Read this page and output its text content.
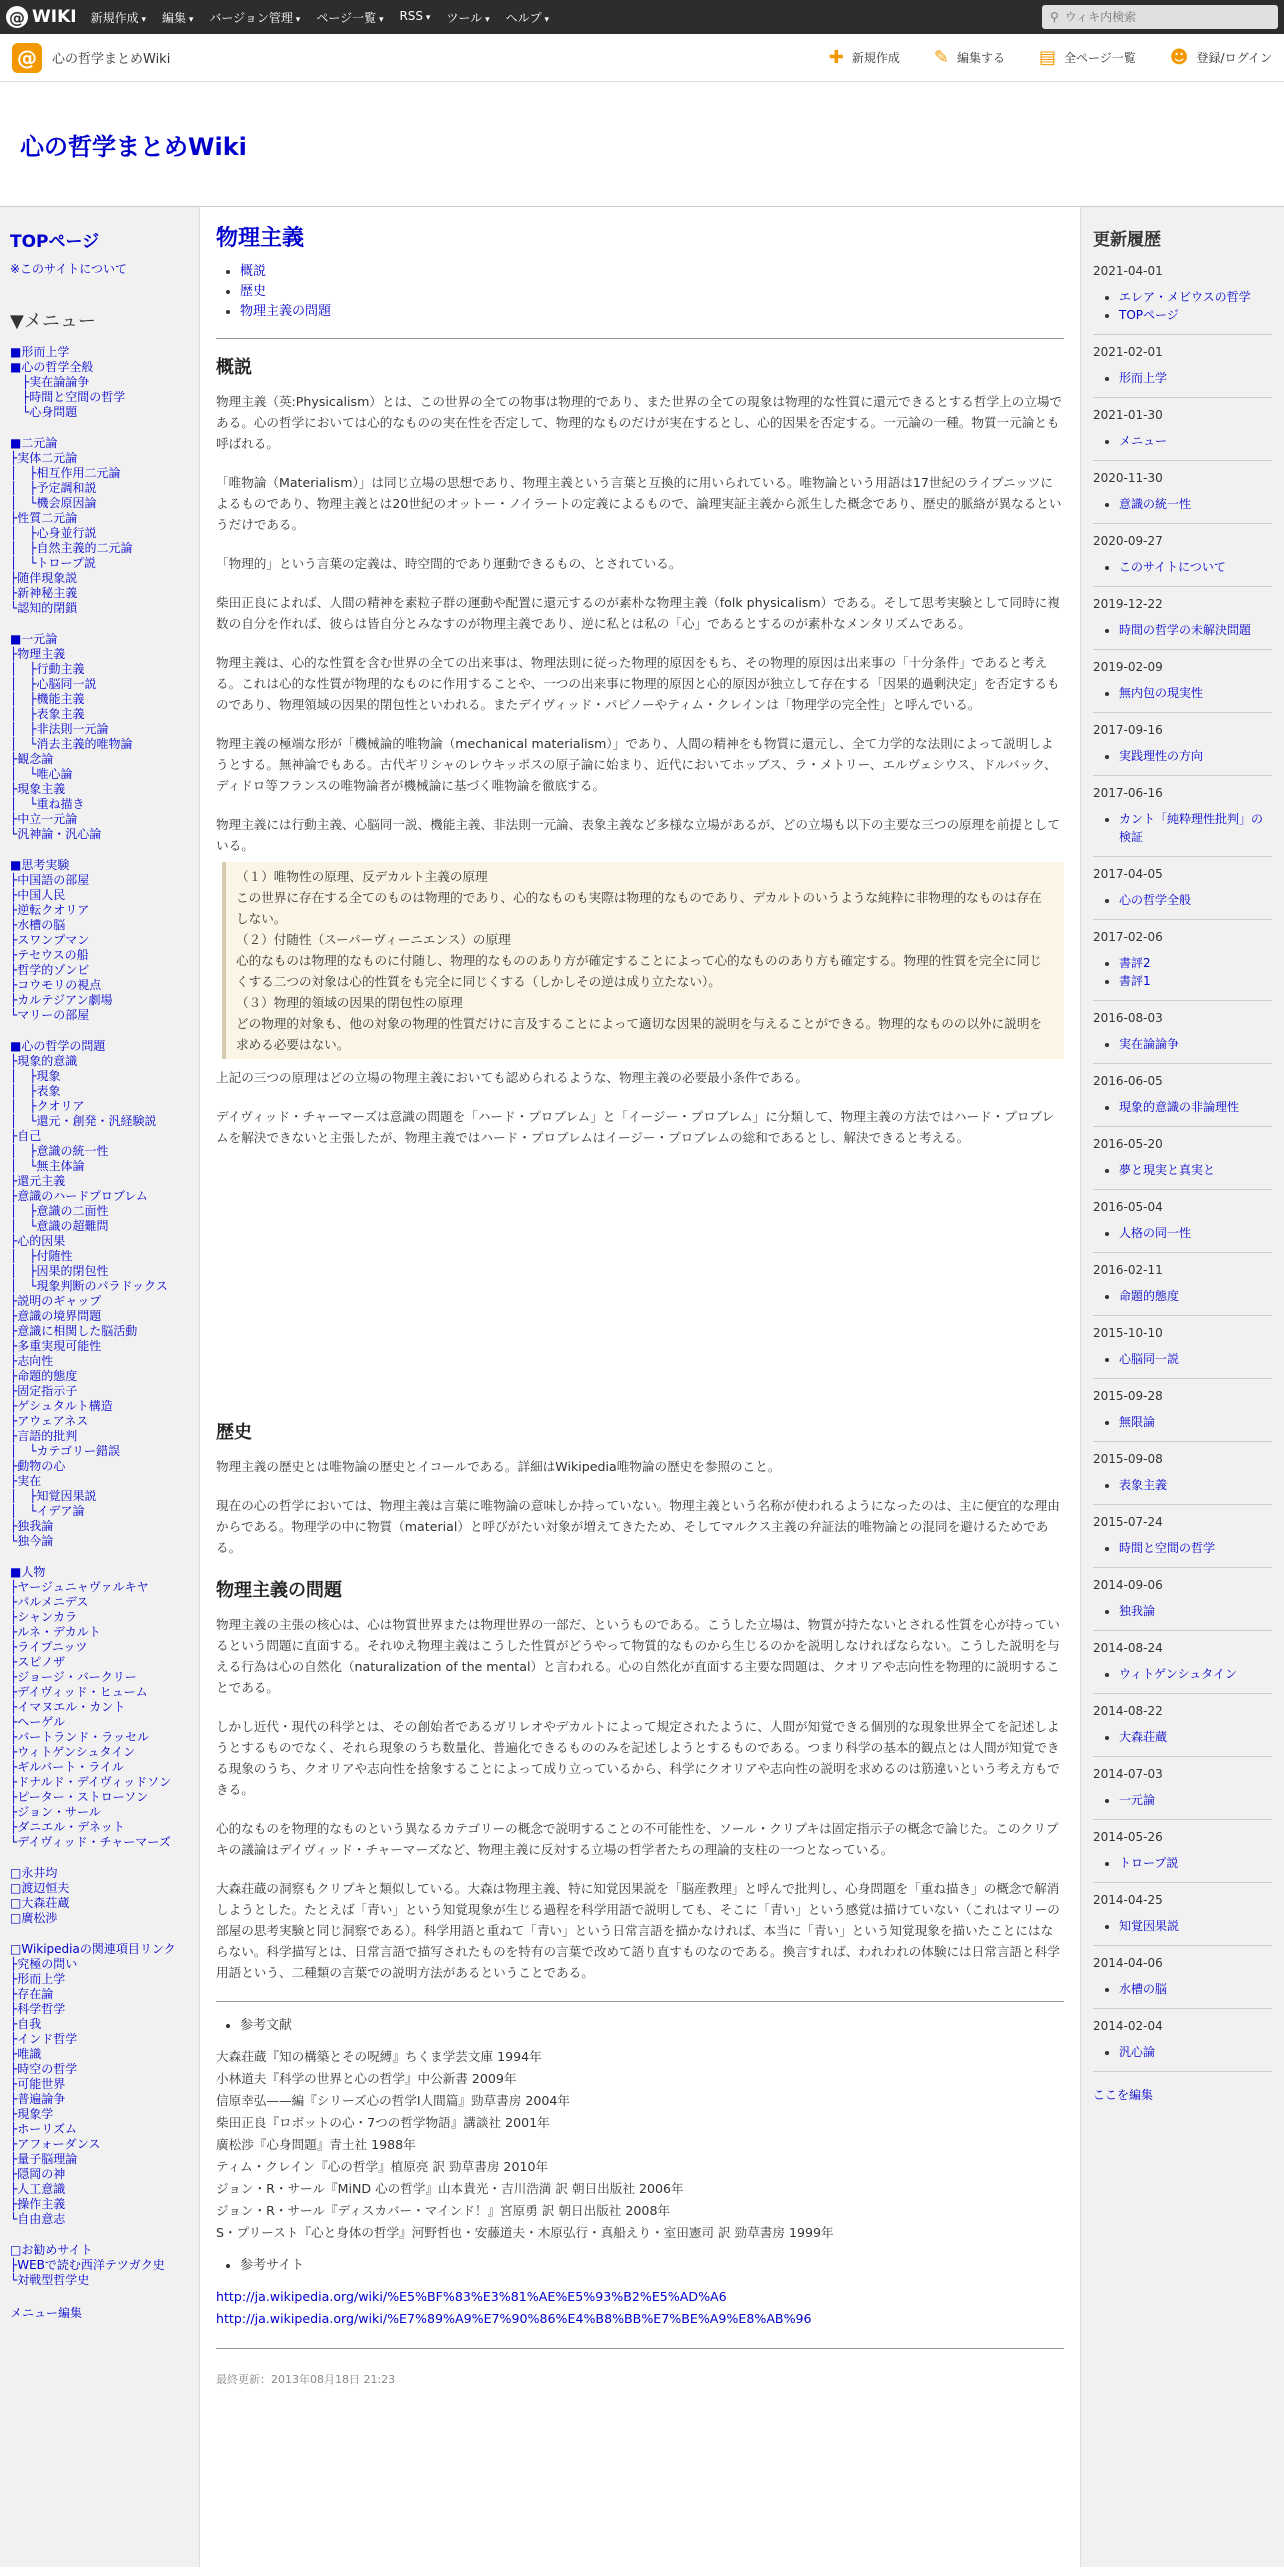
@ WIKI 新規作成 ▾	編集 ▾	バージョン管理 ▾	ページ一覧 ▾	RSS ▾	ツール ▾	ヘルプ ▾	⚲
ウィキ内検索
@	心の哲学まとめWiki	✚ 新規作成 ✎ 編集する ▤ 全ページ一覧 ☻ 登録/ログイン
心の哲学まとめWiki
TOPページ
※このサイトについて
▼メニュー
■形而上学
■心の哲学全般
　├実在論論争
　├時間と空間の哲学
　└心身問題
■二元論
├実体二元論
│　├相互作用二元論
│　├予定調和説
│　└機会原因論
├性質二元論
│　├心身並行説
│　├自然主義的二元論
│　└トロープ説
├随伴現象説
├新神秘主義
└認知的閉鎖
■一元論
├物理主義
│　├行動主義
│　├心脳同一説
│　├機能主義
│　├表象主義
│　├非法則一元論
│　└消去主義的唯物論
├観念論
│　└唯心論
├現象主義
│　└重ね描き
├中立一元論
└汎神論・汎心論
■思考実験
├中国語の部屋
├中国人民
├逆転クオリア
├水槽の脳
├スワンプマン
├テセウスの船
├哲学的ゾンビ
├コウモリの視点
├カルテジアン劇場
└マリーの部屋
■心の哲学の問題
├現象的意識
│　├現象
│　├表象
│　├クオリア
│　└還元・創発・汎経験説
├自己
│　├意識の統一性
│　└無主体論
├還元主義
├意識のハードプロブレム
│　├意識の二面性
│　└意識の超難問
├心的因果
│　├付随性
│　├因果的閉包性
│　└現象判断のパラドックス
├説明のギャップ
├意識の境界問題
├意識に相関した脳活動
├多重実現可能性
├志向性
├命題的態度
├固定指示子
├ゲシュタルト構造
├アウェアネス
├言語的批判
│　└カテゴリー錯誤
├動物の心
├実在
│　├知覚因果説
│　└イデア論
├独我論
└独今論
■人物
├ヤージュニャヴァルキヤ
├パルメニデス
├シャンカラ
├ルネ・デカルト
├ライプニッツ
├スピノザ
├ジョージ・バークリー
├デイヴィッド・ヒューム
├イマヌエル・カント
├ヘーゲル
├バートランド・ラッセル
├ウィトゲンシュタイン
├ギルバート・ライル
├ドナルド・デイヴィッドソン
├ピーター・ストローソン
├ジョン・サール
├ダニエル・デネット
└デイヴィッド・チャーマーズ
□永井均
□渡辺恒夫
□大森荘蔵
□廣松渉
□Wikipediaの関連項目リンク
├究極の問い
├形而上学
├存在論
├科学哲学
├自我
├インド哲学
├唯識
├時空の哲学
├可能世界
├普遍論争
├現象学
├ホーリズム
├アフォーダンス
├量子脳理論
├隠岡の神
├人工意識
├操作主義
└自由意志
□お勧めサイト
├WEBで読む西洋テツガク史
└対戦型哲学史
メニュー編集
物理主義
• 概説
• 歴史
• 物理主義の問題
概説

物理主義（英:Physicalism）とは、この世界の全ての物事は物理的であり、また世界の全ての現象は物理的な性質に還元できるとする哲学上の立場である。心の哲学においては心的なものの実在性を否定して、物理的なものだけが実在するとし、心的因果を否定する。一元論の一種。物質一元論とも呼ばれる。

「唯物論（Materialism）」は同じ立場の思想であり、物理主義という言葉と互換的に用いられている。唯物論という用語は17世紀のライプニッツによるものであり、物理主義とは20世紀のオットー・ノイラートの定義によるもので、論理実証主義から派生した概念であり、歴史的脈絡が異なるというだけである。

「物理的」という言葉の定義は、時空間的であり運動できるもの、とされている。

柴田正良によれば、人間の精神を素粒子群の運動や配置に還元するのが素朴な物理主義（folk physicalism）である。そして思考実験として同時に複数の自分を作れば、彼らは皆自分とみなすのが物理主義であり、逆に私とは私の「心」であるとするのが素朴なメンタリズムである。

物理主義は、心的な性質を含む世界の全ての出来事は、物理法則に従った物理的原因をもち、その物理的原因は出来事の「十分条件」であると考える。これは心的な性質が物理的なものに作用することや、一つの出来事に物理的原因と心的原因が独立して存在する「因果的過剰決定」を否定するものであり、物理領域の因果的閉包性といわれる。またデイヴィッド・パピノーやティム・クレインは「物理学の完全性」と呼んでいる。

物理主義の極端な形が「機械論的唯物論（mechanical materialism）」であり、人間の精神をも物質に還元し、全て力学的な法則によって説明しようとする。無神論でもある。古代ギリシャのレウキッポスの原子論に始まり、近代においてホッブス、ラ・メトリー、エルヴェシウス、ドルバック、ディドロ等フランスの唯物論者が機械論に基づく唯物論を徹底する。

物理主義には行動主義、心脳同一説、機能主義、非法則一元論、表象主義など多様な立場があるが、どの立場も以下の主要な三つの原理を前提としている。

（１）唯物性の原理、反デカルト主義の原理
この世界に存在する全てのものは物理的であり、心的なものも実際は物理的なものであり、デカルトのいうような純粋に非物理的なものは存在しない。
（２）付随性（スーパーヴィーニエンス）の原理
心的なものは物理的なものに付随し、物理的なもののあり方が確定することによって心的なもののあり方も確定する。物理的性質を完全に同じくする二つの対象は心的性質をも完全に同じくする（しかしその逆は成り立たない）。
（３）物理的領域の因果的閉包性の原理
どの物理的対象も、他の対象の物理的性質だけに言及することによって適切な因果的説明を与えることができる。物理的なものの以外に説明を求める必要はない。

上記の三つの原理はどの立場の物理主義においても認められるような、物理主義の必要最小条件である。

デイヴィッド・チャーマーズは意識の問題を「ハード・プロブレム」と「イージー・プロブレム」に分類して、物理主義の方法ではハード・プロブレムを解決できないと主張したが、物理主義ではハード・プロブレムはイージー・プロブレムの総和であるとし、解決できると考える。

歴史

物理主義の歴史とは唯物論の歴史とイコールである。詳細はWikipedia唯物論の歴史を参照のこと。

現在の心の哲学においては、物理主義は言葉に唯物論の意味しか持っていない。物理主義という名称が使われるようになったのは、主に便宜的な理由からである。物理学の中に物質（material）と呼びがたい対象が増えてきたため、そしてマルクス主義の弁証法的唯物論との混同を避けるためである。

物理主義の問題

物理主義の主張の核心は、心は物質世界または物理世界の一部だ、というものである。こうした立場は、物質が持たないとされる性質を心が持っているという問題に直面する。それゆえ物理主義はこうした性質がどうやって物質的なものから生じるのかを説明しなければならない。こうした説明を与える行為は心の自然化（naturalization of the mental）と言われる。心の自然化が直面する主要な問題は、クオリアや志向性を物理的に説明することである。

しかし近代・現代の科学とは、その創始者であるガリレオやデカルトによって規定されたように、人間が知覚できる個別的な現象世界全てを記述しようとするものでなく、それら現象のうち数量化、普遍化できるもののみを記述しようとするものである。つまり科学の基本的観点とは人間が知覚できる現象のうち、クオリアや志向性を捨象することによって成り立っているから、科学にクオリアや志向性の説明を求めるのは筋違いという考え方もできる。

心的なものを物理的なものという異なるカテゴリーの概念で説明することの不可能性を、ソール・クリプキは固定指示子の概念で論じた。このクリプキの議論はデイヴィッド・チャーマーズなど、物理主義に反対する立場の哲学者たちの理論的支柱の一つとなっている。

大森荘蔵の洞察もクリプキと類似している。大森は物理主義、特に知覚因果説を「脳産教理」と呼んで批判し、心身問題を「重ね描き」の概念で解消しようとした。たとえば「青い」という知覚現象が生じる過程を科学用語で説明しても、そこに「青い」という感覚は描けていない（これはマリーの部屋の思考実験と同じ洞察である）。科学用語と重ねて「青い」という日常言語を描かなければ、本当に「青い」という知覚現象を描いたことにはならない。科学描写とは、日常言語で描写されたものを特有の言葉で改めて語り直すものなのである。換言すれば、われわれの体験には日常言語と科学用語という、二種類の言葉での説明方法があるということである。

• 参考文献

大森荘蔵『知の構築とその呪縛』ちくま学芸文庫 1994年

小林道夫『科学の世界と心の哲学』中公新書 2009年

信原幸弘——編『シリーズ心の哲学Ⅰ人間篇』勁草書房 2004年

柴田正良『ロボットの心・7つの哲学物語』講談社 2001年

廣松渉『心身問題』青土社 1988年

ティム・クレイン『心の哲学』植原亮 訳 勁草書房 2010年

ジョン・R・サール『MiND 心の哲学』山本貴光・吉川浩満 訳 朝日出版社 2006年

ジョン・R・サール『ディスカバー・マインド！』宮原勇 訳 朝日出版社 2008年

S・プリースト『心と身体の哲学』河野哲也・安藤道夫・木原弘行・真船えり・室田憲司 訳 勁草書房 1999年

• 参考サイト

http://ja.wikipedia.org/wiki/%E5%BF%83%E3%81%AE%E5%93%B2%E5%AD%A6

http://ja.wikipedia.org/wiki/%E7%89%A9%E7%90%86%E4%B8%BB%E7%BE%A9%E8%AB%96

最終更新：2013年08月18日 21:23
更新履歴
2021-04-01
• エレア・メビウスの哲学
• TOPページ
2021-02-01
• 形而上学
2021-01-30
• メニュー
2020-11-30
• 意識の統一性
2020-09-27
• このサイトについて
2019-12-22
• 時間の哲学の未解決問題
2019-02-09
• 無内包の現実性
2017-09-16
• 実践理性の方向
2017-06-16
• カント「純粋理性批判」の検証
2017-04-05
• 心の哲学全般
2017-02-06
• 書評2
• 書評1
2016-08-03
• 実在論論争
2016-06-05
• 現象的意識の非論理性
2016-05-20
• 夢と現実と真実と
2016-05-04
• 人格の同一性
2016-02-11
• 命題的態度
2015-10-10
• 心脳同一説
2015-09-28
• 無限論
2015-09-08
• 表象主義
2015-07-24
• 時間と空間の哲学
2014-09-06
• 独我論
2014-08-24
• ウィトゲンシュタイン
2014-08-22
• 大森荘蔵
2014-07-03
• 一元論
2014-05-26
• トロープ説
2014-04-25
• 知覚因果説
2014-04-06
• 水槽の脳
2014-02-04
• 汎心論
ここを編集
